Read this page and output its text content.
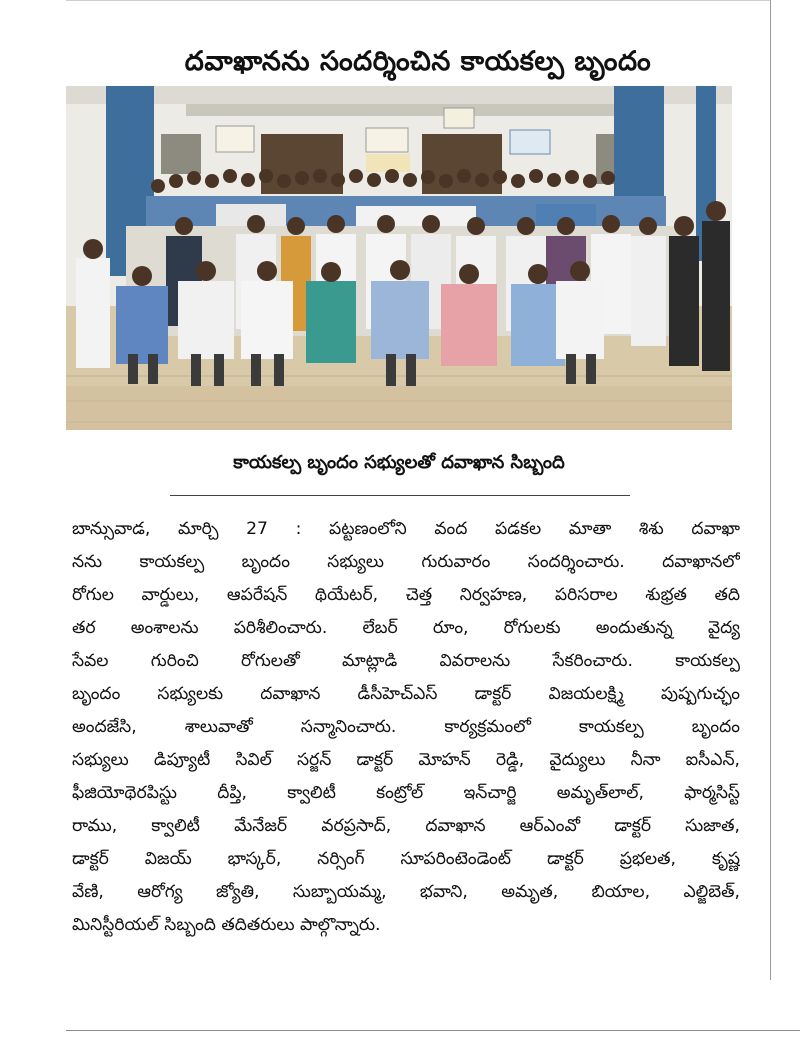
దవాఖానను సందర్శించిన కాయకల్ప బృందం
కాయకల్ప బృందం సభ్యులతో దవాఖాన సిబ్బంది
బాన్సువాడ, మార్చి 27 : పట్టణంలోని వంద పడకల మాతా శిశు దవాఖా
నను కాయకల్ప బృందం సభ్యులు గురువారం సందర్శించారు. దవాఖానలో
రోగుల వార్డులు, ఆపరేషన్ థియేటర్, చెత్త నిర్వహణ, పరిసరాల శుభ్రత తది
తర అంశాలను పరిశీలించారు. లేబర్ రూం, రోగులకు అందుతున్న వైద్య
సేవల గురించి రోగులతో మాట్లాడి వివరాలను సేకరించారు. కాయకల్ప
బృందం సభ్యులకు దవాఖాన డీసీహెచ్ఎస్ డాక్టర్ విజయలక్ష్మి పుష్పగుచ్ఛం
అందజేసి, శాలువాతో సన్మానించారు. కార్యక్రమంలో కాయకల్ప బృందం
సభ్యులు డిప్యూటీ సివిల్ సర్జన్ డాక్టర్ మోహన్ రెడ్డి, వైద్యులు నీనా ఐసీఎన్,
ఫీజియోథెరపిస్టు దీప్తి, క్వాలిటీ కంట్రోల్ ఇన్‌చార్జి అమృత్‌లాల్, ఫార్మసిస్ట్
రాము, క్వాలిటీ మేనేజర్ వరప్రసాద్, దవాఖాన ఆర్ఎంవో డాక్టర్ సుజాత,
డాక్టర్ విజయ్ భాస్కర్, నర్సింగ్ సూపరింటెండెంట్ డాక్టర్ ప్రభలత, కృష్ణ
వేణి, ఆరోగ్య జ్యోతి, సుబ్బాయమ్మ, భవాని, అమృత, బియాల, ఎల్జిబెత్,
మినిస్టీరియల్ సిబ్బంది తదితరులు పాల్గొన్నారు.
